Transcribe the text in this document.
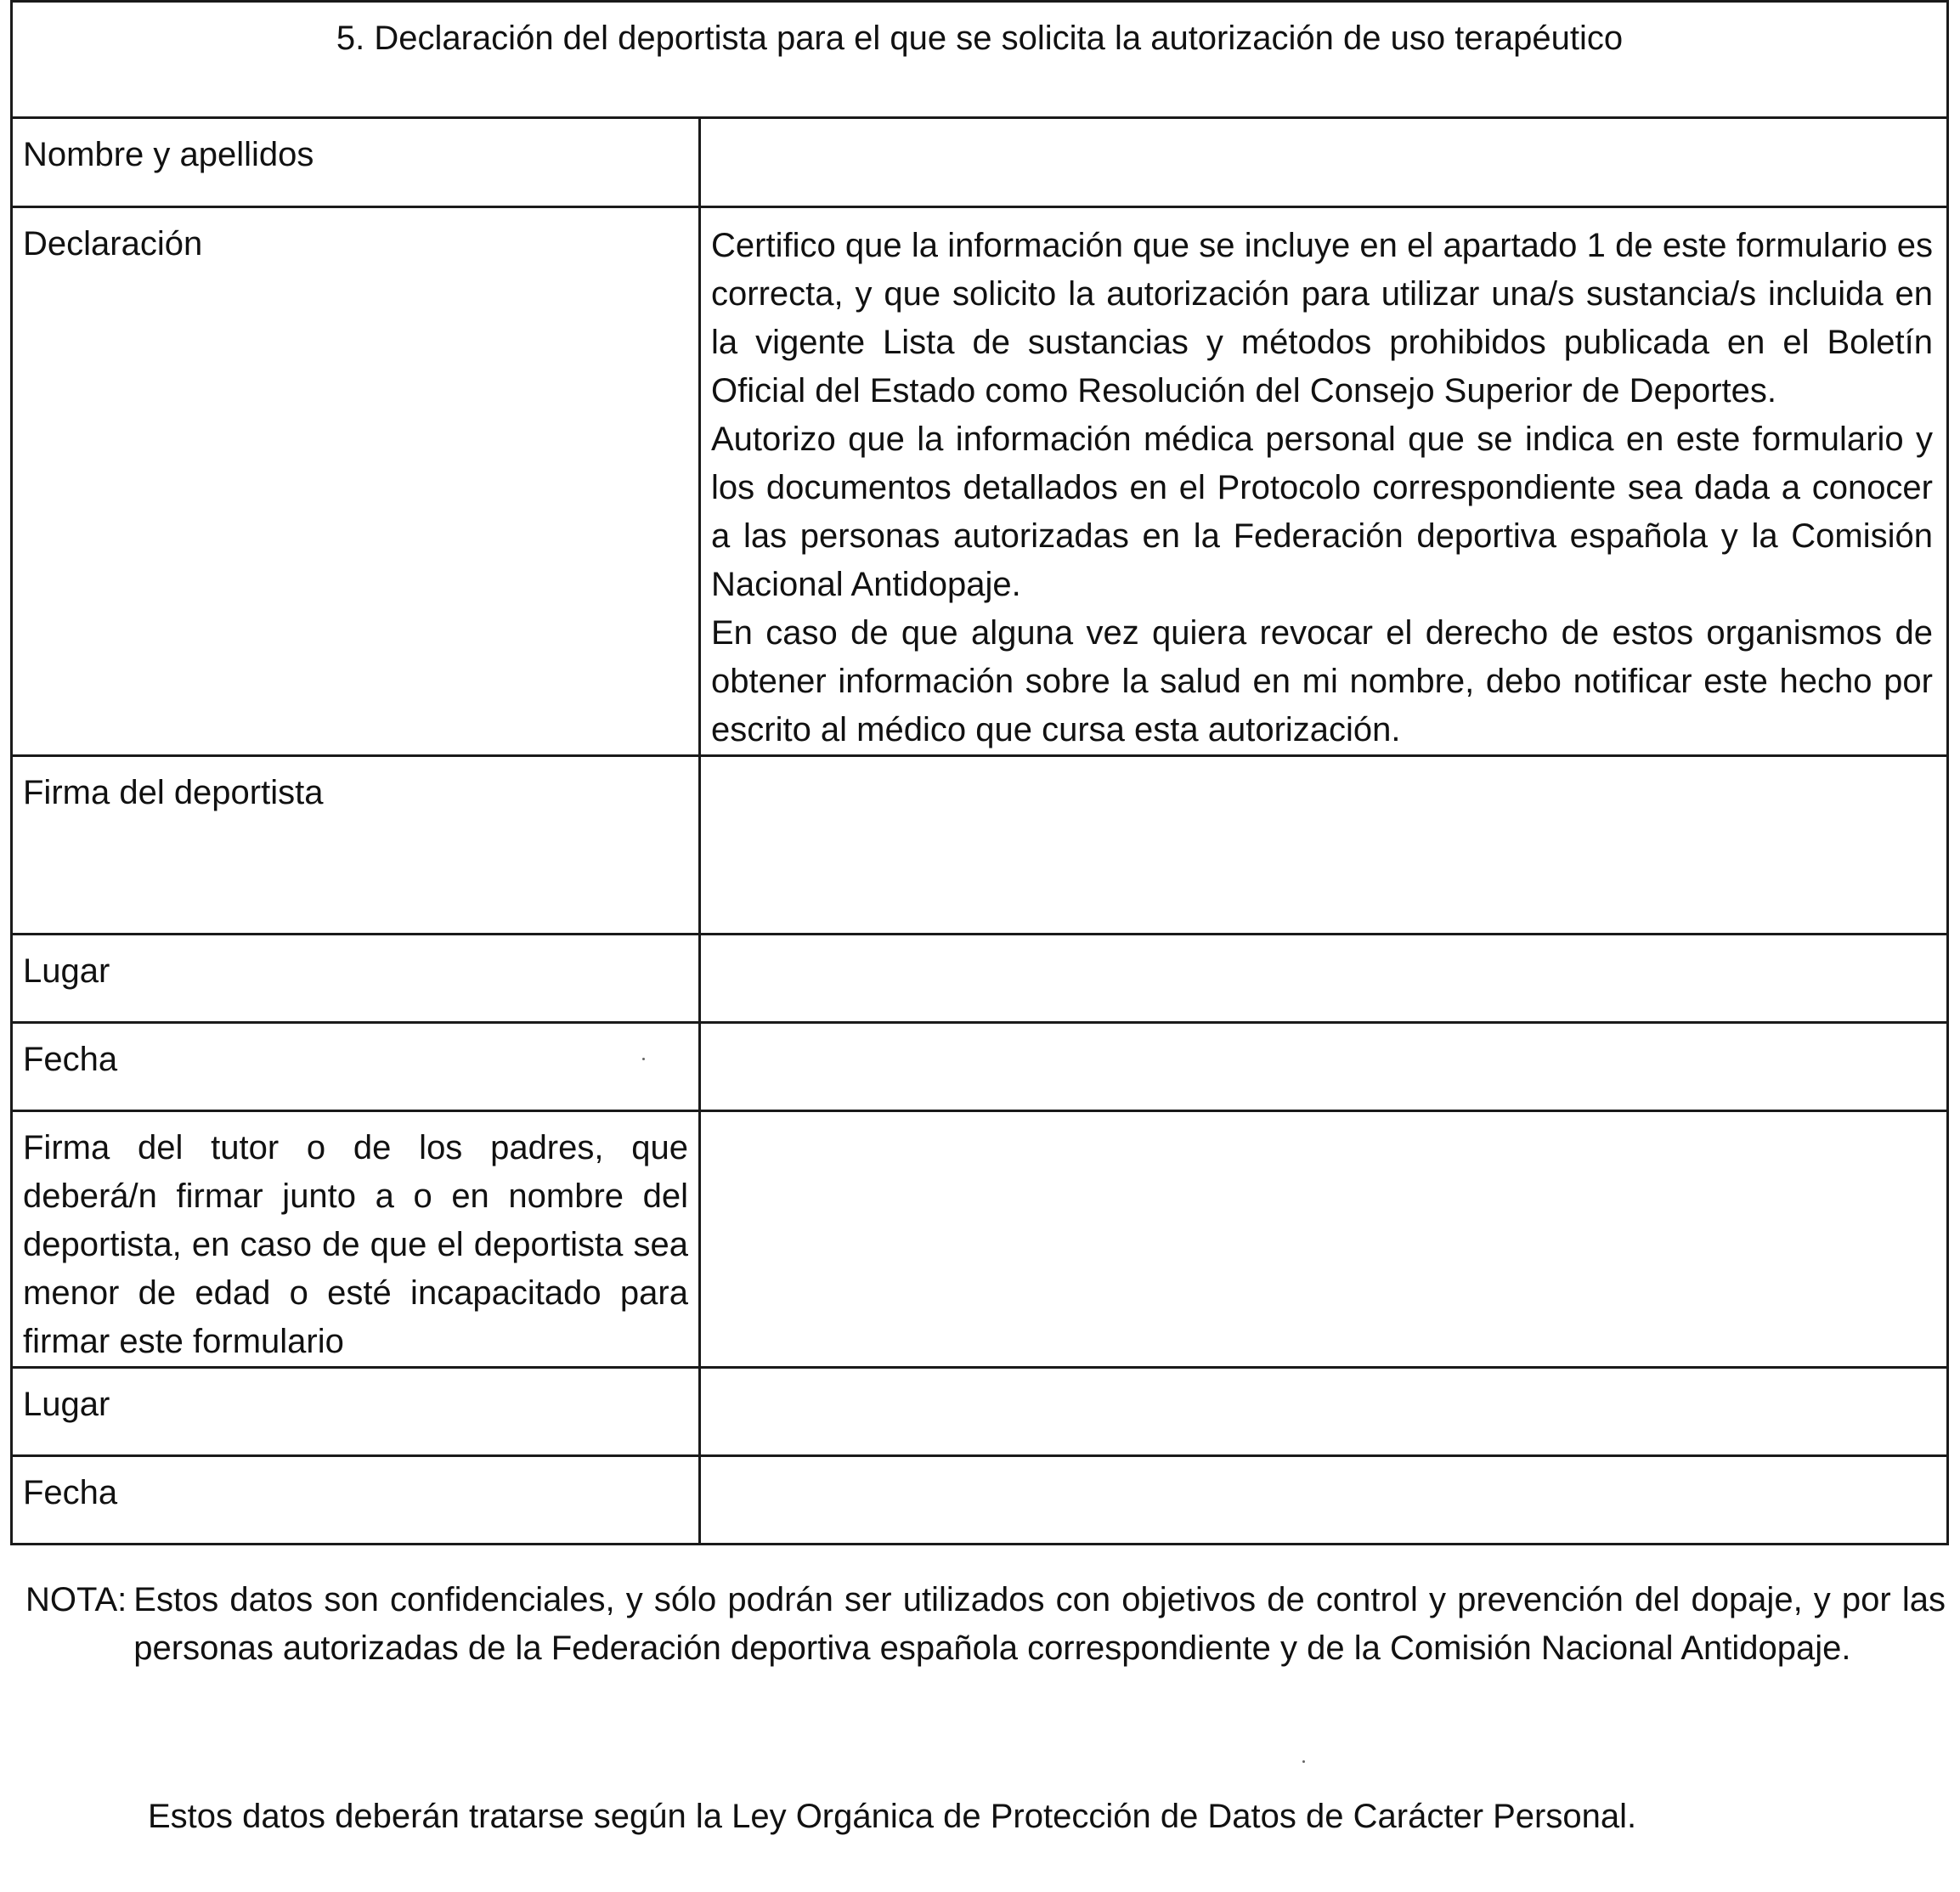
5. Declaración del deportista para el que se solicita la autorización de uso terapéutico	
Nombre y apellidos	
Declaración	Certifico que la información que se incluye en el apartado 1 de este formulario es correcta, y que solicito la autorización para utilizar una/s sustancia/s incluida en la vigente Lista de sustancias y métodos prohibidos publicada en el Boletín Oficial del Estado como Resolución del Consejo Superior de Deportes.
Autorizo que la información médica personal que se indica en este formulario y los documentos detallados en el Protocolo correspondiente sea dada a conocer a las personas autorizadas en la Federación deportiva española y la Comisión Nacional Antidopaje.
En caso de que alguna vez quiera revocar el derecho de estos organismos de obtener información sobre la salud en mi nombre, debo notificar este hecho por escrito al médico que cursa esta autorización.

Firma del deportista	
Lugar	
Fecha	
Firma del tutor o de los padres, que deberá/n firmar junto a o en nombre del deportista, en caso de que el deportista sea menor de edad o esté incapacitado para firmar este formulario	
Lugar	
Fecha	
NOTA: Estos datos son confidenciales, y sólo podrán ser utilizados con objetivos de control y prevención del dopaje, y por las personas autorizadas de la Federación deportiva española correspondiente y de la Comisión Nacional Antidopaje.
Estos datos deberán tratarse según la Ley Orgánica de Protección de Datos de Carácter Personal.
